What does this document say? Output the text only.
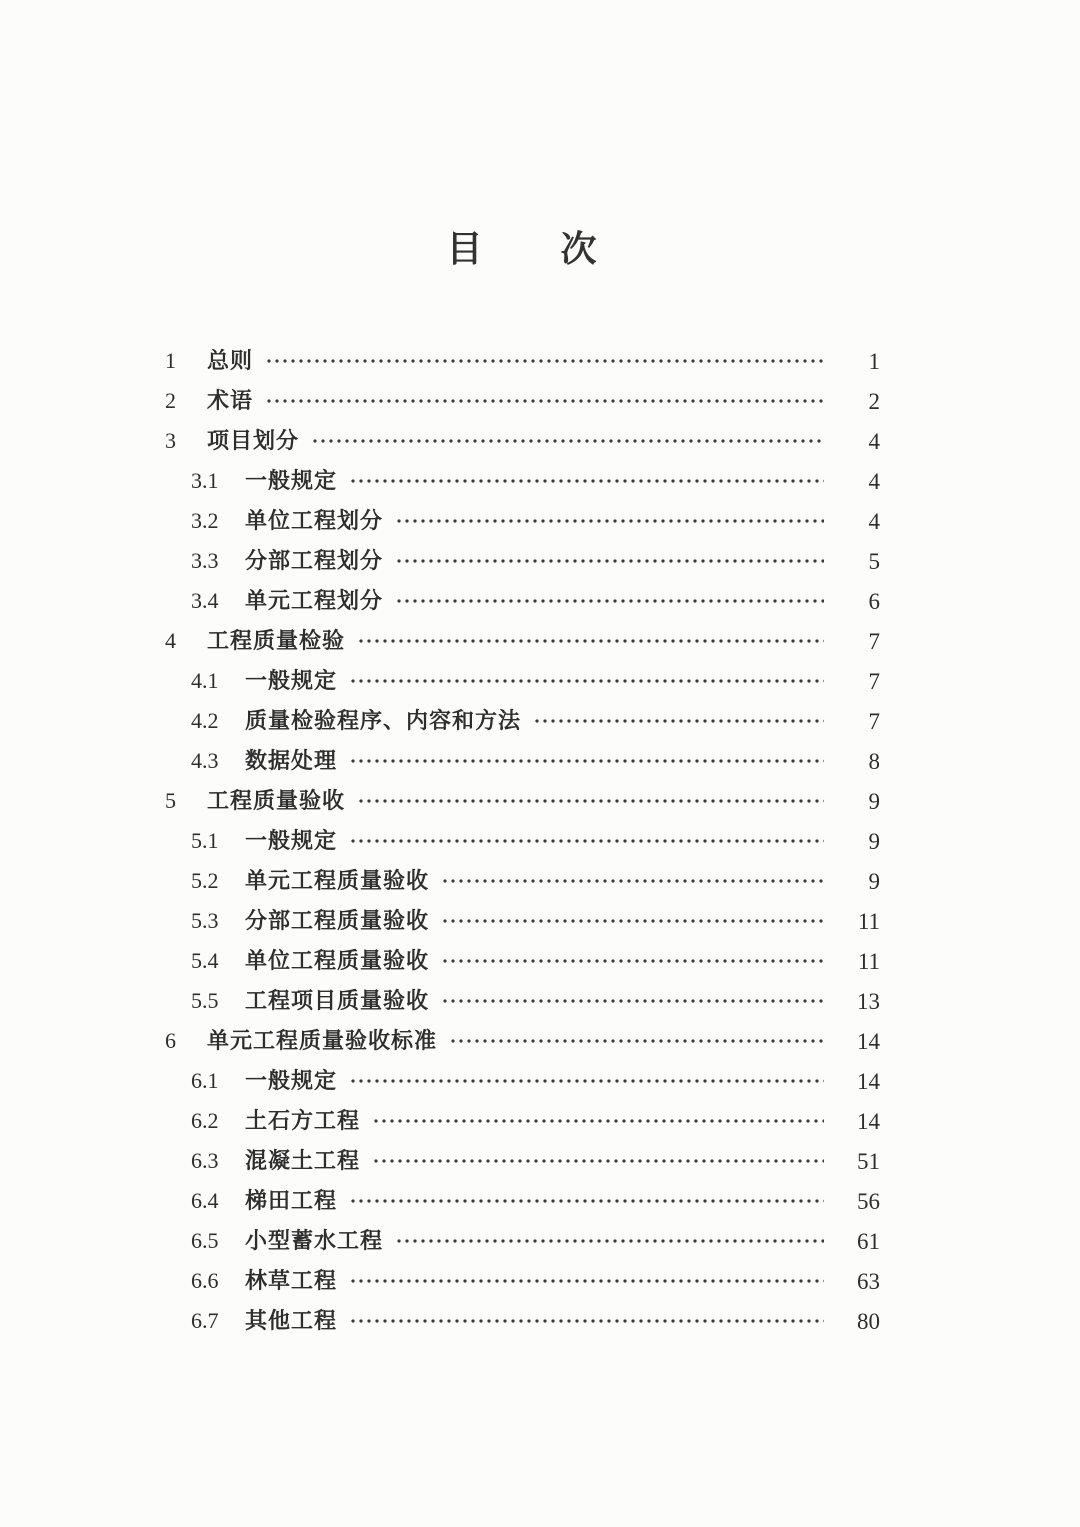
目　　次
1	总则	1
2	术语	2
3	项目划分	4
3.1	一般规定	4
3.2	单位工程划分	4
3.3	分部工程划分	5
3.4	单元工程划分	6
4	工程质量检验	7
4.1	一般规定	7
4.2	质量检验程序、内容和方法	7
4.3	数据处理	8
5	工程质量验收	9
5.1	一般规定	9
5.2	单元工程质量验收	9
5.3	分部工程质量验收	11
5.4	单位工程质量验收	11
5.5	工程项目质量验收	13
6	单元工程质量验收标准	14
6.1	一般规定	14
6.2	土石方工程	14
6.3	混凝土工程	51
6.4	梯田工程	56
6.5	小型蓄水工程	61
6.6	林草工程	63
6.7	其他工程	80
